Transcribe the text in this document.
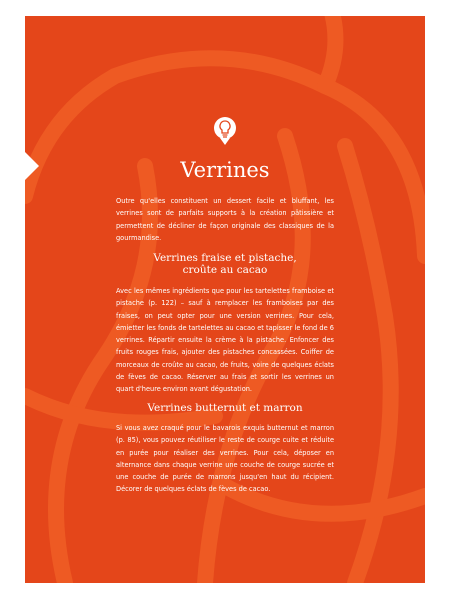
Verrines

Outre qu'elles constituent un dessert facile et bluffant, les verrines sont de parfaits supports à la création pâtissière et permettent de décliner de façon originale des classiques de la gourmandise.

Verrines fraise et pistache,
croûte au cacao

Avec les mêmes ingrédients que pour les tartelettes framboise et pistache (p. 122) – sauf à remplacer les framboises par des fraises, on peut opter pour une version verrines. Pour cela, émietter les fonds de tartelettes au cacao et tapisser le fond de 6 verrines. Répartir ensuite la crème à la pistache. Enfoncer des fruits rouges frais, ajouter des pistaches concassées. Coiffer de morceaux de croûte au cacao, de fruits, voire de quelques éclats de fèves de cacao. Réserver au frais et sortir les verrines un quart d'heure environ avant dégustation.

Verrines butternut et marron

Si vous avez craqué pour le bavarois exquis butternut et marron (p. 85), vous pouvez réutiliser le reste de courge cuite et réduite en purée pour réaliser des verrines. Pour cela, déposer en alternance dans chaque verrine une couche de courge sucrée et une couche de purée de marrons jusqu'en haut du récipient. Décorer de quelques éclats de fèves de cacao.
